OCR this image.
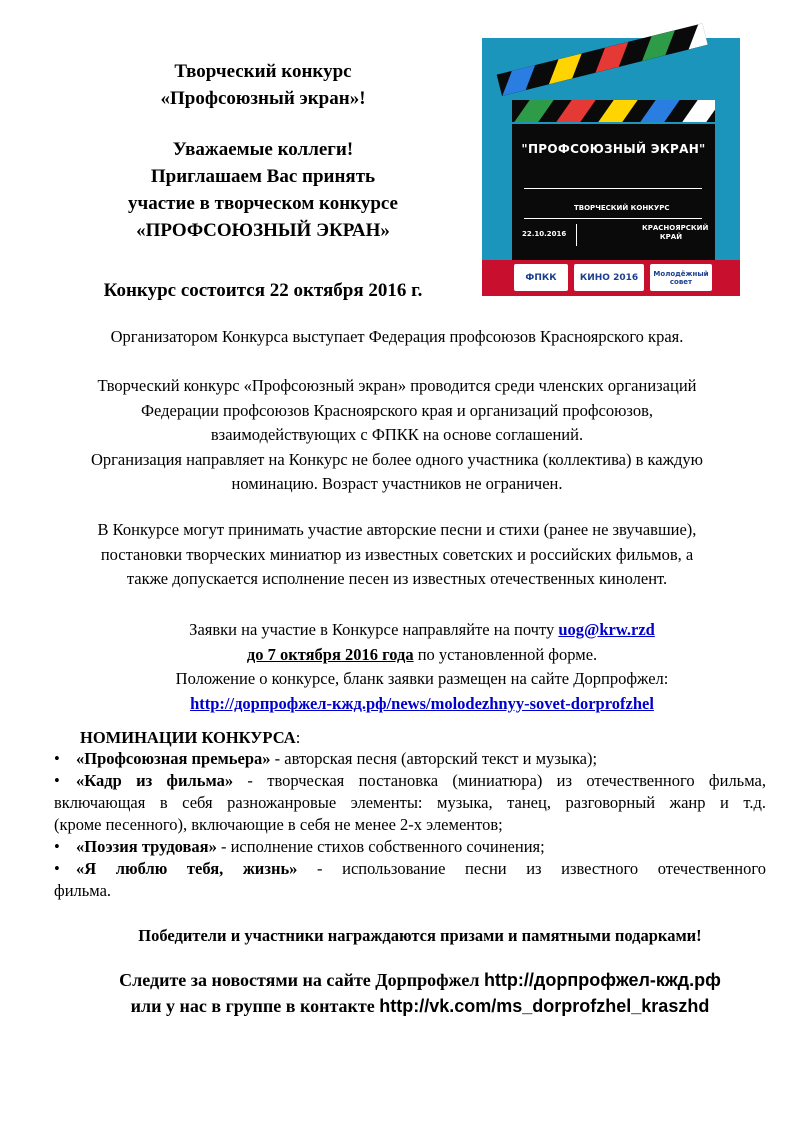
Творческий конкурс
«Профсоюзный экран»!
Уважаемые коллеги!
Приглашаем Вас принять
участие в творческом конкурсе
«ПРОФСОЮЗНЫЙ ЭКРАН»
Конкурс состоится 22 октября 2016 г.
"ПРОФСОЮЗНЫЙ ЭКРАН"
ТВОРЧЕСКИЙ КОНКУРС
22.10.2016
КРАСНОЯРСКИЙ КРАЙ
ФПКК	КИНО 2016	Молодёжный совет
Организатором Конкурса выступает Федерация профсоюзов Красноярского края.
Творческий конкурс «Профсоюзный экран» проводится среди членских организаций
Федерации профсоюзов Красноярского края и организаций профсоюзов,
взаимодействующих с ФПКК на основе соглашений.
Организация направляет на Конкурс не более одного участника (коллектива) в каждую
номинацию. Возраст участников не ограничен.
В Конкурсе могут принимать участие авторские песни и стихи (ранее не звучавшие),
постановки творческих миниатюр из известных советских и российских фильмов, а
также допускается исполнение песен из известных отечественных кинолент.
Заявки на участие в Конкурсе направляйте на почту uog@krw.rzd
до 7 октября 2016 года по установленной форме.
Положение о конкурсе, бланк заявки размещен на сайте Дорпрофжел:
http://дорпрофжел-кжд.рф/news/molodezhnyy-sovet-dorprofzhel
НОМИНАЦИИ КОНКУРСА:
• «Профсоюзная премьера» - авторская песня (авторский текст и музыка);
• «Кадр из фильма» - творческая постановка (миниатюра) из отечественного фильма,
включающая в себя разножанровые элементы: музыка, танец, разговорный жанр и т.д.
(кроме песенного), включающие в себя не менее 2-х элементов;
• «Поэзия трудовая» - исполнение стихов собственного сочинения;
• «Я люблю тебя, жизнь» - использование песни из известного отечественного
фильма.
Победители и участники награждаются призами и памятными подарками!
Следите за новостями на сайте Дорпрофжел http://дорпрофжел-кжд.рф
или у нас в группе в контакте http://vk.com/ms_dorprofzhel_kraszhd
